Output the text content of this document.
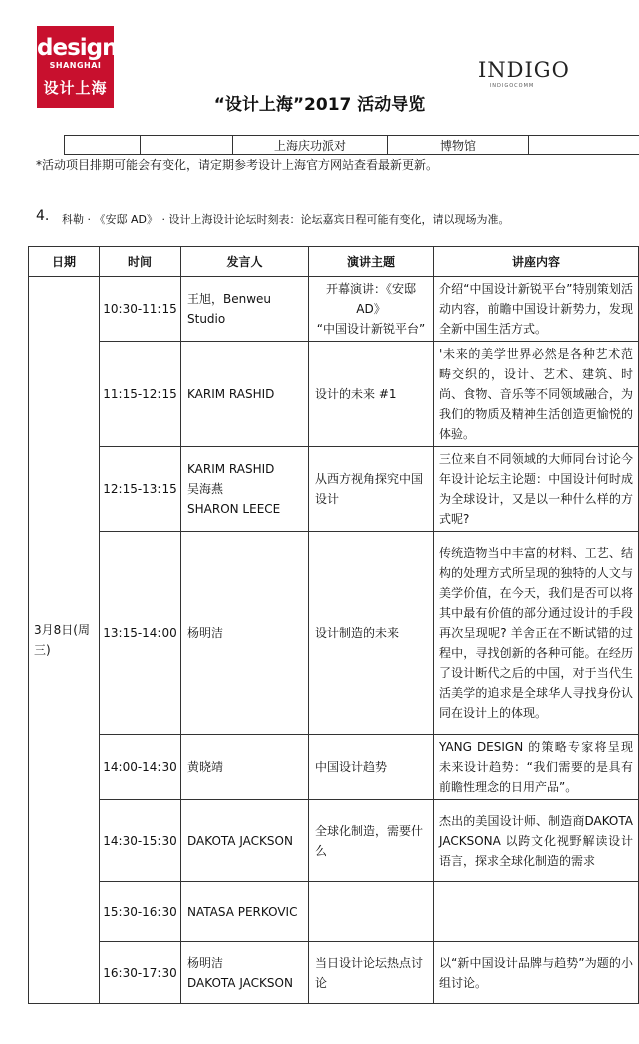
design
SHANGHAI
设计上海
INDIGO
INDIGOCOMM
“设计上海”2017 活动导览
		上海庆功派对	博物馆	
*活动项目排期可能会有变化，请定期参考设计上海官方网站查看最新更新。
4. 科勒 · 《安邸 AD》 · 设计上海设计论坛时刻表：论坛嘉宾日程可能有变化，请以现场为准。
日期	时间	发言人	演讲主题	讲座内容
3月8日(周三)	10:30-11:15	王旭，Benweu Studio	开幕演讲：《安邸 AD》
“中国设计新锐平台”	介绍“中国设计新锐平台”特别策划活动内容，前瞻中国设计新势力，发现全新中国生活方式。
	11:15-12:15	KARIM RASHID	设计的未来 #1	'未来的美学世界必然是各种艺术范畴交织的，设计、艺术、建筑、时尚、食物、音乐等不同领域融合，为我们的物质及精神生活创造更愉悦的体验。
	12:15-13:15	KARIM RASHID
吴海燕
SHARON LEECE	从西方视角探究中国设计	三位来自不同领域的大师同台讨论今年设计论坛主论题：中国设计何时成为全球设计，又是以一种什么样的方式呢?
	13:15-14:00	杨明洁	设计制造的未来	传统造物当中丰富的材料、工艺、结构的处理方式所呈现的独特的人文与美学价值，在今天，我们是否可以将其中最有价值的部分通过设计的手段再次呈现呢? 羊舍正在不断试错的过程中，寻找创新的各种可能。在经历了设计断代之后的中国，对于当代生活美学的追求是全球华人寻找身份认同在设计上的体现。
	14:00-14:30	黄晓靖	中国设计趋势	YANG DESIGN 的策略专家将呈现未来设计趋势：“我们需要的是具有前瞻性理念的日用产品”。
	14:30-15:30	DAKOTA JACKSON	全球化制造，需要什么	杰出的美国设计师、制造商DAKOTA JACKSONA 以跨文化视野解读设计语言，探求全球化制造的需求
	15:30-16:30	NATASA PERKOVIC		
	16:30-17:30	杨明洁
DAKOTA JACKSON	当日设计论坛热点讨论	以“新中国设计品牌与趋势”为题的小组讨论。
